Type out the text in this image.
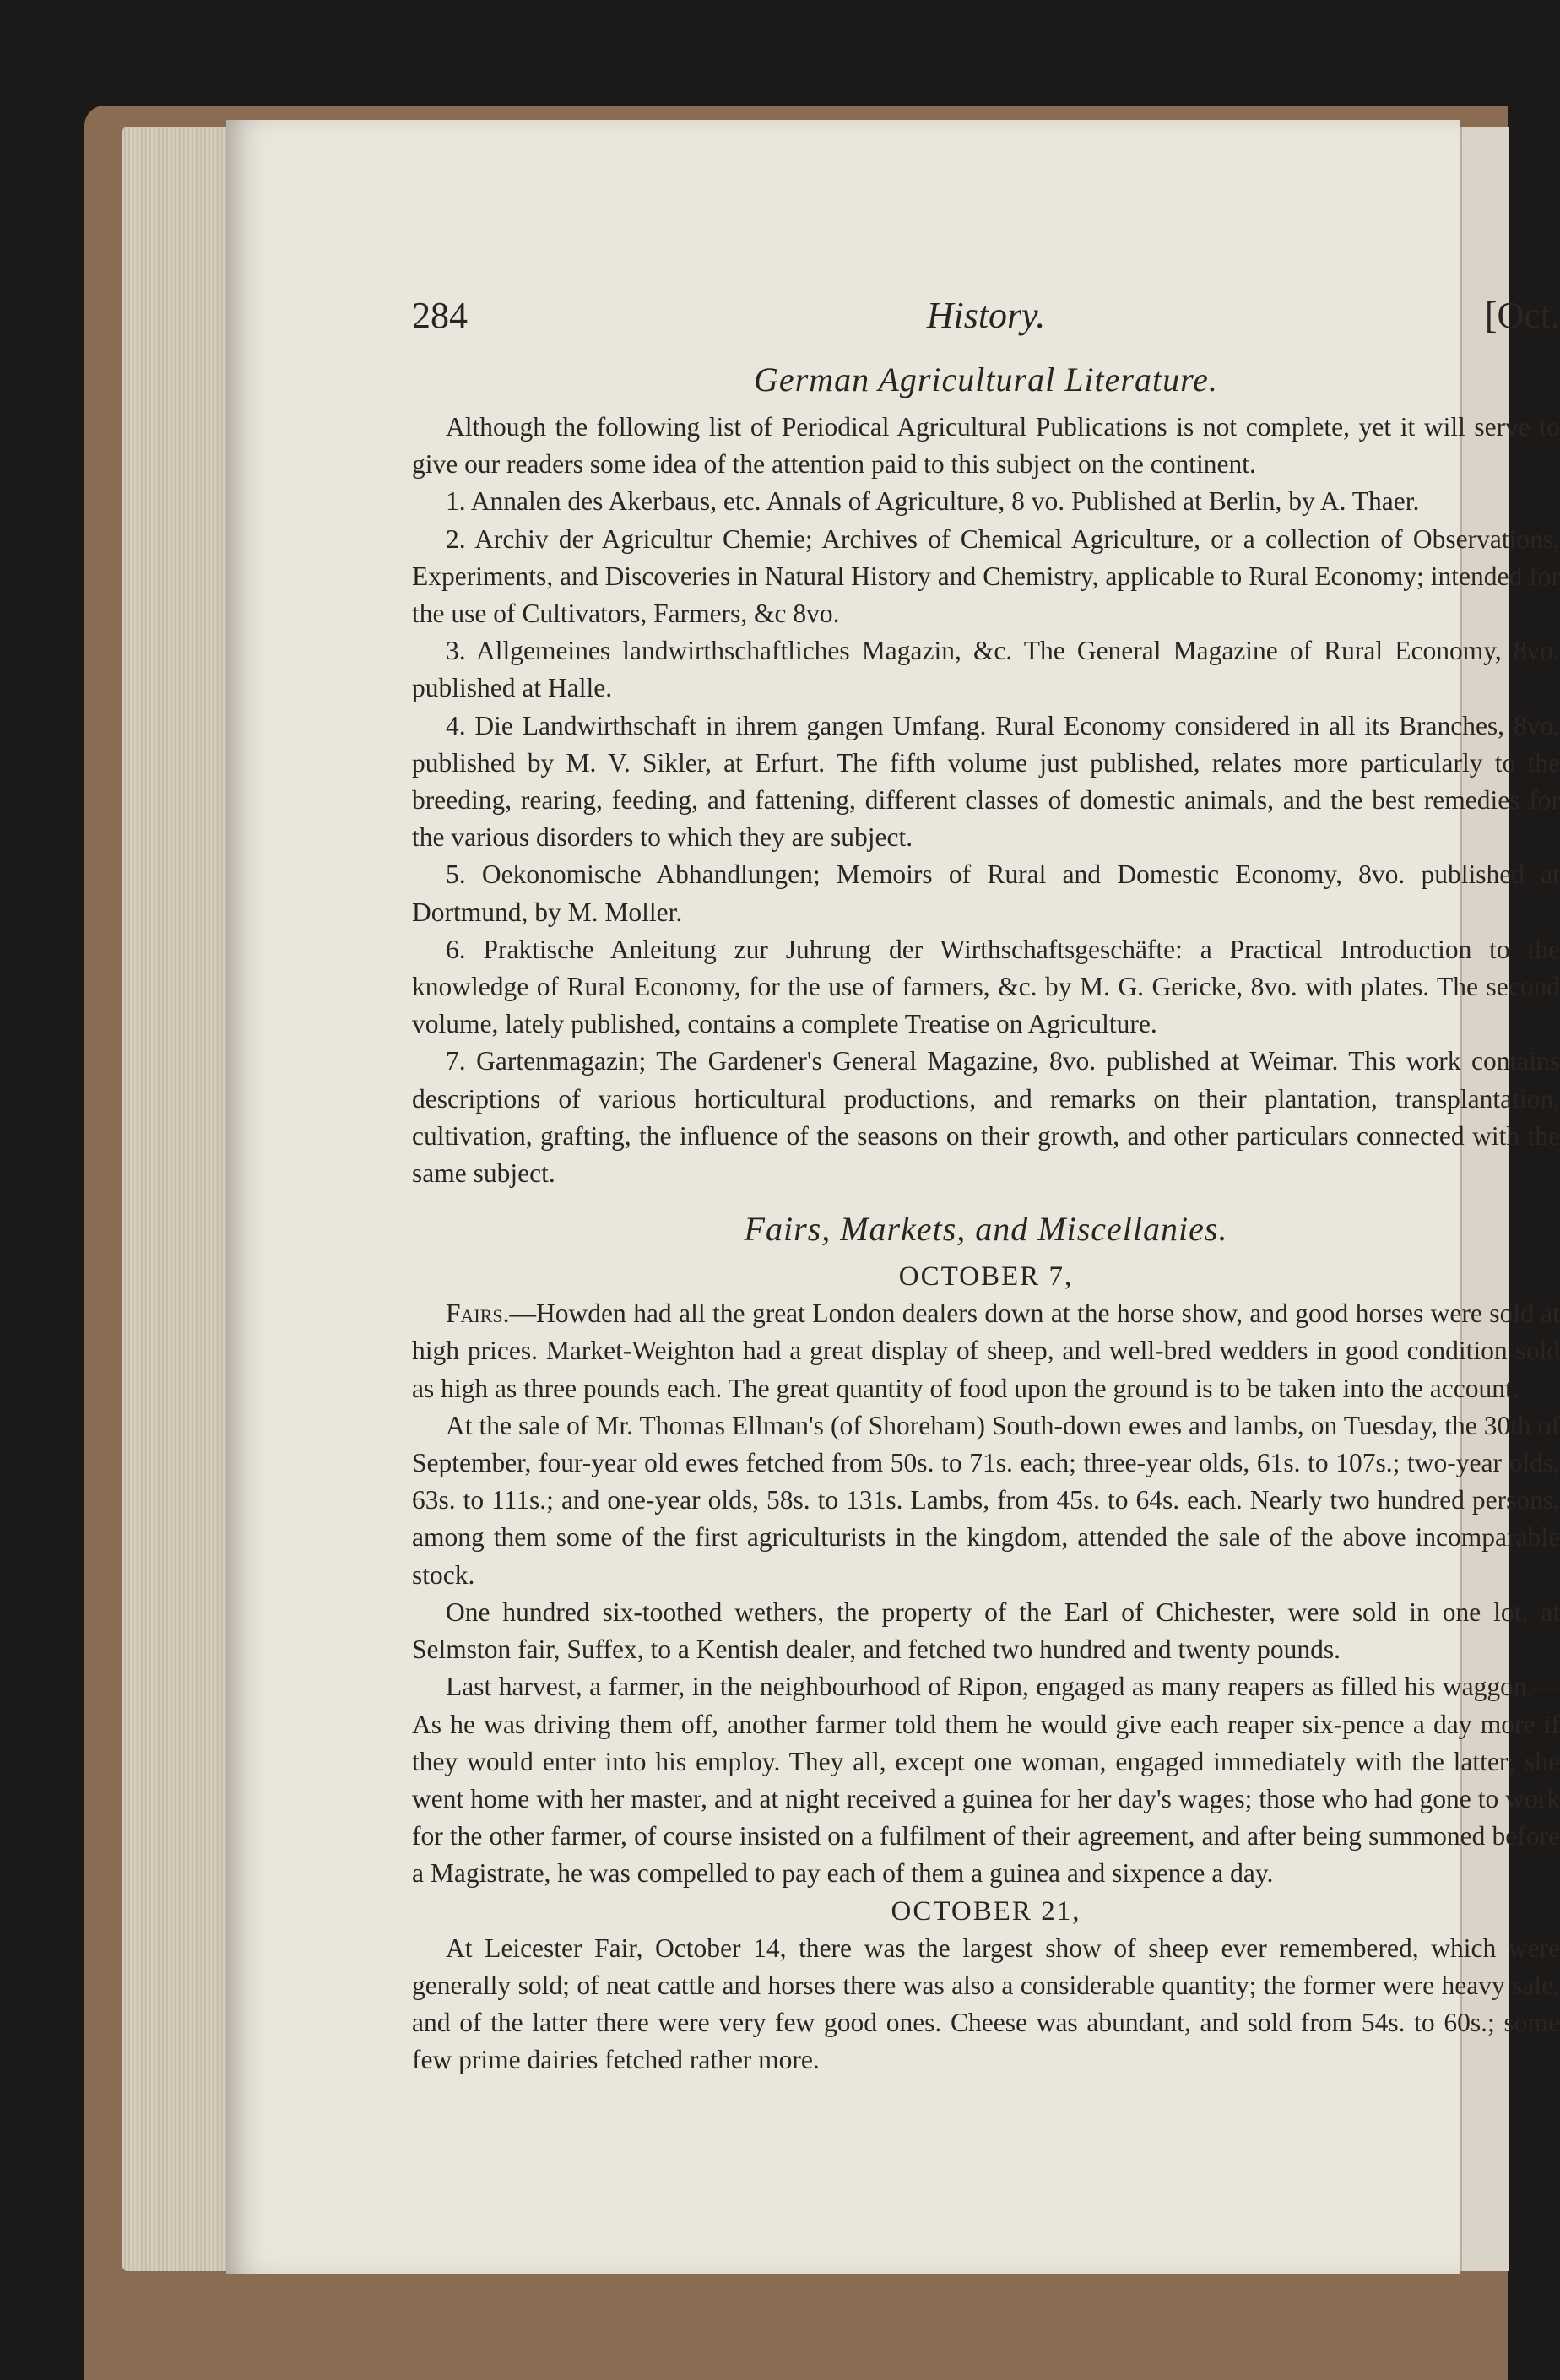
284	History.	[Oct.
German Agricultural Literature.

Although the following list of Periodical Agricultural Publications is not complete, yet it will serve to give our readers some idea of the attention paid to this subject on the continent.

1. Annalen des Akerbaus, etc. Annals of Agriculture, 8 vo. Published at Berlin, by A. Thaer.

2. Archiv der Agricultur Chemie; Archives of Chemical Agriculture, or a collection of Observations, Experiments, and Discoveries in Natural History and Chemistry, applicable to Rural Economy; intended for the use of Cultivators, Farmers, &c 8vo.

3. Allgemeines landwirthschaftliches Magazin, &c. The General Magazine of Rural Economy, 8vo. published at Halle.

4. Die Landwirthschaft in ihrem gangen Umfang. Rural Economy considered in all its Branches, 8vo. published by M. V. Sikler, at Erfurt. The fifth volume just published, relates more particularly to the breeding, rearing, feeding, and fattening, different classes of domestic animals, and the best remedies for the various disorders to which they are subject.

5. Oekonomische Abhandlungen; Memoirs of Rural and Domestic Economy, 8vo. published at Dortmund, by M. Moller.

6. Praktische Anleitung zur Juhrung der Wirthschaftsgeschäfte: a Practical Introduction to the knowledge of Rural Economy, for the use of farmers, &c. by M. G. Gericke, 8vo. with plates. The second volume, lately published, contains a complete Treatise on Agriculture.

7. Gartenmagazin; The Gardener's General Magazine, 8vo. published at Weimar. This work contains descriptions of various horticultural productions, and remarks on their plantation, transplantation, cultivation, grafting, the influence of the seasons on their growth, and other particulars connected with the same subject.

Fairs, Markets, and Miscellanies.
OCTOBER 7,

Fairs.—Howden had all the great London dealers down at the horse show, and good horses were sold at high prices. Market-Weighton had a great display of sheep, and well-bred wedders in good condition sold as high as three pounds each. The great quantity of food upon the ground is to be taken into the account.

At the sale of Mr. Thomas Ellman's (of Shoreham) South-down ewes and lambs, on Tuesday, the 30th of September, four-year old ewes fetched from 50s. to 71s. each; three-year olds, 61s. to 107s.; two-year olds, 63s. to 111s.; and one-year olds, 58s. to 131s. Lambs, from 45s. to 64s. each. Nearly two hundred persons, among them some of the first agriculturists in the kingdom, attended the sale of the above incomparable stock.

One hundred six-toothed wethers, the property of the Earl of Chichester, were sold in one lot, at Selmston fair, Suffex, to a Kentish dealer, and fetched two hundred and twenty pounds.

Last harvest, a farmer, in the neighbourhood of Ripon, engaged as many reapers as filled his waggon.—As he was driving them off, another farmer told them he would give each reaper six-pence a day more if they would enter into his employ. They all, except one woman, engaged immediately with the latter; she went home with her master, and at night received a guinea for her day's wages; those who had gone to work for the other farmer, of course insisted on a fulfilment of their agreement, and after being summoned before a Magistrate, he was compelled to pay each of them a guinea and sixpence a day.

OCTOBER 21,

At Leicester Fair, October 14, there was the largest show of sheep ever remembered, which were generally sold; of neat cattle and horses there was also a considerable quantity; the former were heavy sale, and of the latter there were very few good ones. Cheese was abundant, and sold from 54s. to 60s.; some few prime dairies fetched rather more.
